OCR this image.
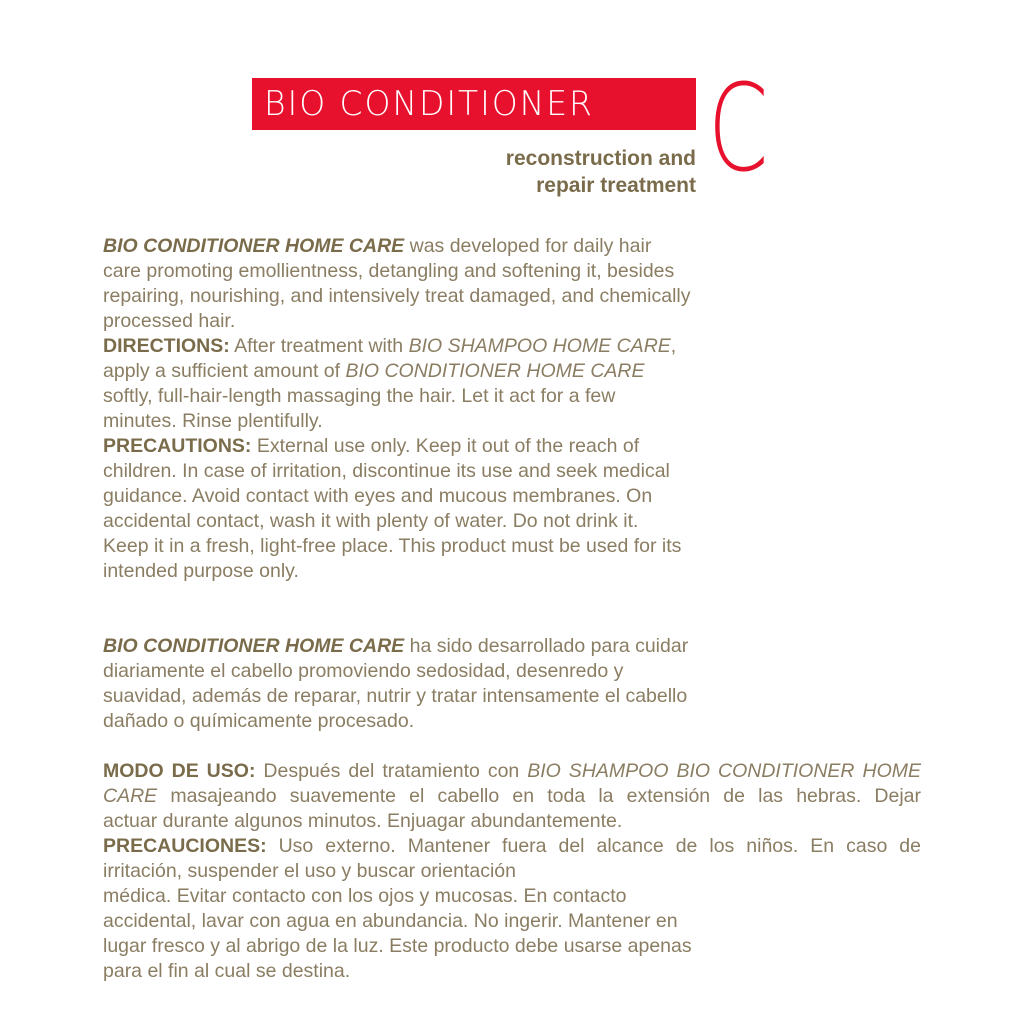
BIO CONDITIONER C
reconstruction and
repair treatment
BIO CONDITIONER HOME CARE was developed for daily hair
care promoting emollientness, detangling and softening it, besides
repairing, nourishing, and intensively treat damaged, and chemically
processed hair.
DIRECTIONS: After treatment with BIO SHAMPOO HOME CARE,
apply a sufficient amount of BIO CONDITIONER HOME CARE
softly, full-hair-length massaging the hair. Let it act for a few
minutes. Rinse plentifully.
PRECAUTIONS: External use only. Keep it out of the reach of
children. In case of irritation, discontinue its use and seek medical
guidance. Avoid contact with eyes and mucous membranes. On
accidental contact, wash it with plenty of water. Do not drink it.
Keep it in a fresh, light-free place. This product must be used for its
intended purpose only.
BIO CONDITIONER HOME CARE ha sido desarrollado para cuidar
diariamente el cabello promoviendo sedosidad, desenredo y
suavidad, además de reparar, nutrir y tratar intensamente el cabello
dañado o químicamente procesado.
MODO DE USO: Después del tratamiento con BIO SHAMPOO BIO CONDITIONER HOME
CARE masajeando suavemente el cabello en toda la extensión de las hebras. Dejar
actuar durante algunos minutos. Enjuagar abundantemente.
PRECAUCIONES: Uso externo. Mantener fuera del alcance de los niños. En caso de
irritación, suspender el uso y buscar orientación
médica. Evitar contacto con los ojos y mucosas. En contacto
accidental, lavar con agua en abundancia. No ingerir. Mantener en
lugar fresco y al abrigo de la luz. Este producto debe usarse apenas
para el fin al cual se destina.
